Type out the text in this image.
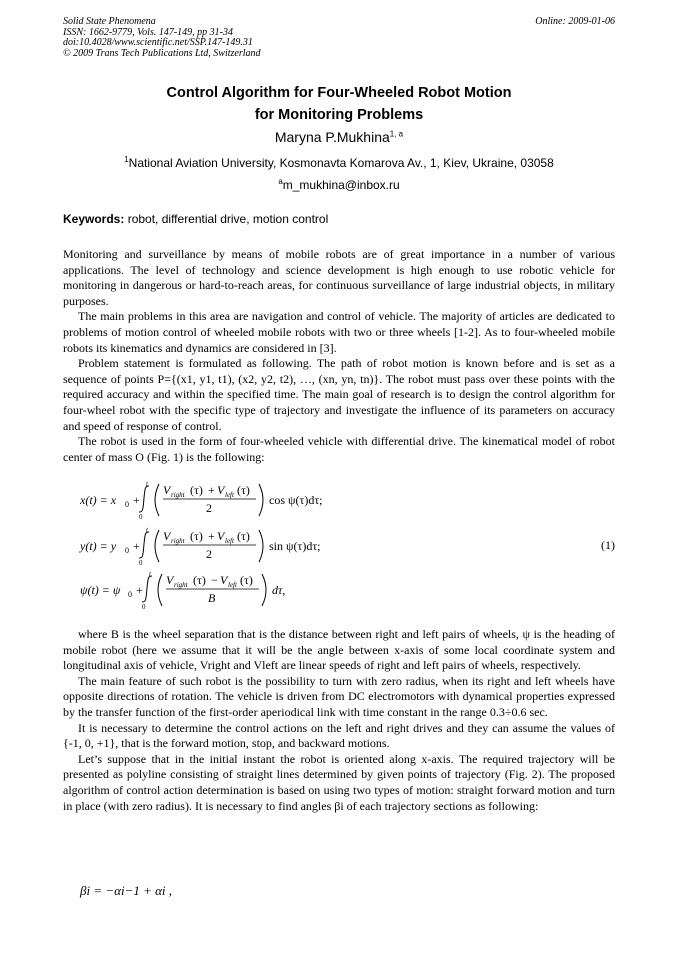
Solid State Phenomena
ISSN: 1662-9779, Vols. 147-149, pp 31-34
doi:10.4028/www.scientific.net/SSP.147-149.31
© 2009 Trans Tech Publications Ltd, Switzerland
Online: 2009-01-06
Control Algorithm for Four-Wheeled Robot Motion
for Monitoring Problems
Maryna P.Mukhina$^{1, a}$
$^1$National Aviation University, Kosmonavta Komarova Av., 1, Kiev, Ukraine, 03058
$^a$m_mukhina@inbox.ru
Keywords: robot, differential drive, motion control

Monitoring and surveillance by means of mobile robots are of great importance in a number of various applications. The level of technology and science development is high enough to use robotic vehicle for monitoring in dangerous or hard-to-reach areas, for continuous surveillance of large industrial objects, in military purposes.

The main problems in this area are navigation and control of vehicle. The majority of articles are dedicated to problems of motion control of wheeled mobile robots with two or three wheels [1-2]. As to four-wheeled mobile robots its kinematics and dynamics are considered in [3].

Problem statement is formulated as following. The path of robot motion is known before and is set as a sequence of points P={(x1, y1, t1), (x2, y2, t2), …, (xn, yn, tn)}. The robot must pass over these points with the required accuracy and within the specified time. The main goal of research is to design the control algorithm for four-wheel robot with the specific type of trajectory and investigate the influence of its parameters on accuracy and speed of response of control.

The robot is used in the form of four-wheeled vehicle with differential drive. The kinematical model of robot center of mass O (Fig. 1) is the following:

x(t) = x 0 +
t
0
V right (τ) + V left (τ)
2
cos ψ(τ)dτ;
y(t) = y 0 +
t
0
V right (τ) + V left (τ)
2
sin ψ(τ)dτ;
ψ(t) = ψ 0 +
t
0
V right (τ) − V left (τ)
B
dτ,
(1)

where B is the wheel separation that is the distance between right and left pairs of wheels, ψ is the heading of mobile robot (here we assume that it will be the angle between x-axis of some local coordinate system and longitudinal axis of vehicle, Vright and Vleft are linear speeds of right and left pairs of wheels, respectively.

The main feature of such robot is the possibility to turn with zero radius, when its right and left wheels have opposite directions of rotation. The vehicle is driven from DC electromotors with dynamical properties expressed by the transfer function of the first-order aperiodical link with time constant in the range 0.3÷0.6 sec.

It is necessary to determine the control actions on the left and right drives and they can assume the values of {-1, 0, +1}, that is the forward motion, stop, and backward motions.

Let’s suppose that in the initial instant the robot is oriented along x-axis. The required trajectory will be presented as polyline consisting of straight lines determined by given points of trajectory (Fig. 2). The proposed algorithm of control action determination is based on using two types of motion: straight forward motion and turn in place (with zero radius). It is necessary to find angles βi of each trajectory sections as following:

βi = −αi−1 + αi ,
